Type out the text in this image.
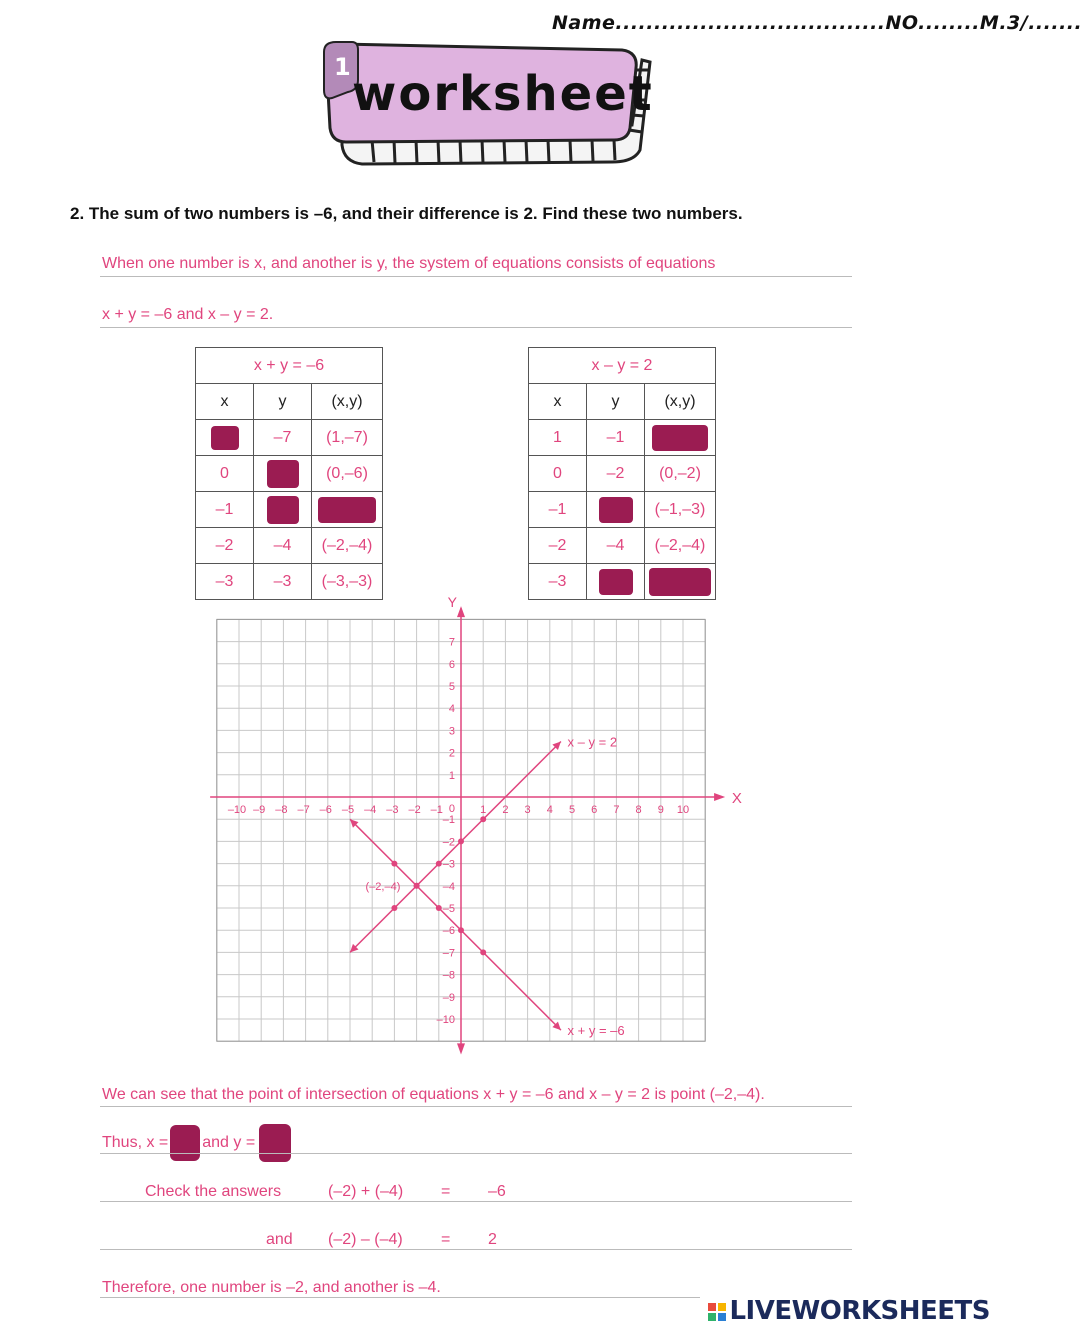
Name...................................NO........M.3/.......
1 worksheet
2. The sum of two numbers is –6, and their difference is 2. Find these two numbers.
When one number is x, and another is y, the system of equations consists of equations
x + y = –6 and x – y = 2.
x + y = –6		
x	y	(x,y)
	–7	(1,–7)
0		(0,–6)
–1		
–2	–4	(–2,–4)
–3	–3	(–3,–3)
x – y = 2		
x	y	(x,y)
1	–1	
0	–2	(0,–2)
–1		(–1,–3)
–2	–4	(–2,–4)
–3		
–10 –9 –8 –7 –6 –5 –4 –3 –2 –1	1 2 3 4 5 6 7 8 9 10
7
6
5
4
3
2
1
–1
–2
–3
–4
–5
–6
–7
–8
–9
–10
X
Y
0
x – y = 2
x + y = –6
(–2,–4)
We can see that the point of intersection of equations x + y = –6 and x – y = 2 is point (–2,–4).
Thus, x = and y =
Check the answers	(–2) + (–4) = –6
and (–2) – (–4) = 2
Therefore, one number is –2, and another is –4.
LIVEWORKSHEETS
